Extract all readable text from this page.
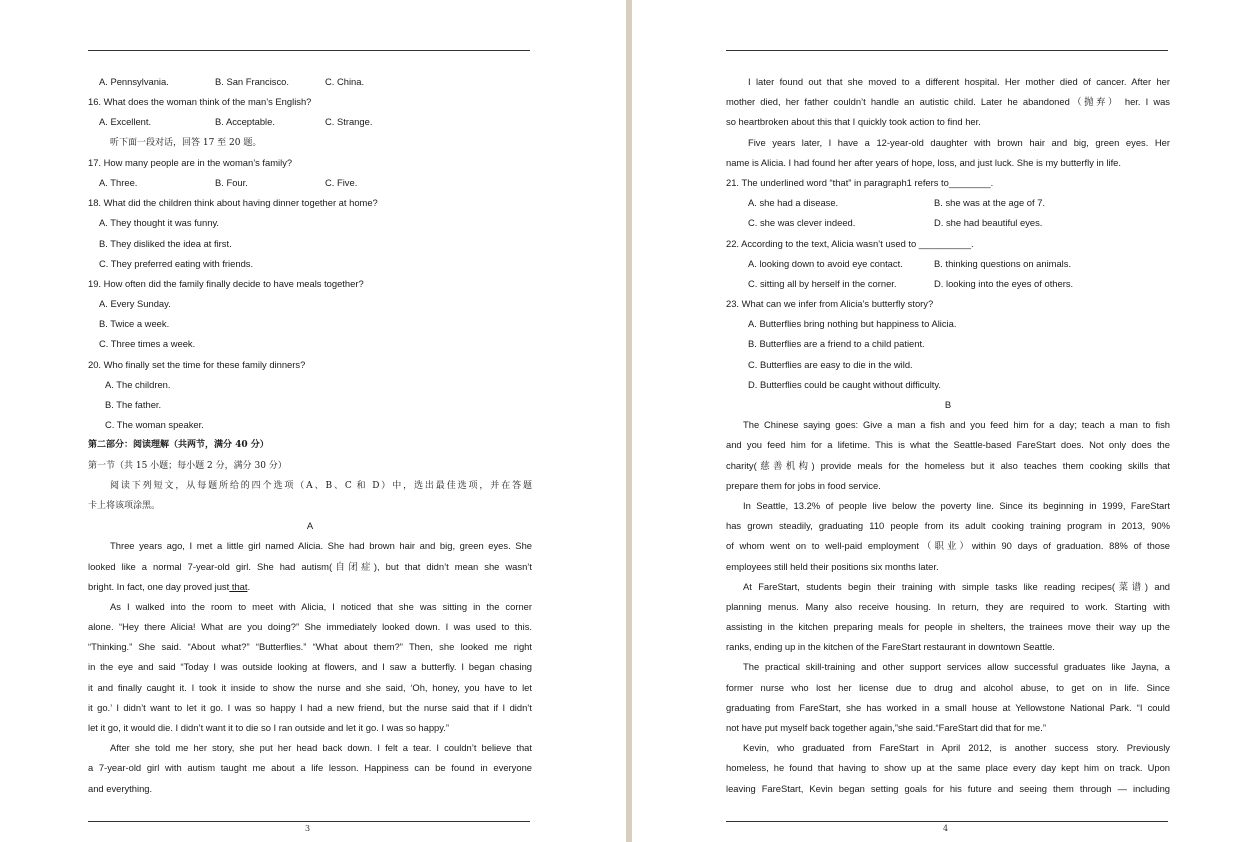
A. Pennsylvania.	B. San Francisco.	C. China.
16. What does the woman think of the man’s English?
A. Excellent.	B. Acceptable.	C. Strange.
听下面一段对话，回答 17 至 20 题。
17. How many people are in the woman’s family?
A. Three.	B. Four.	C. Five.
18. What did the children think about having dinner together at home?
A. They thought it was funny.
B. They disliked the idea at first.
C. They preferred eating with friends.
19. How often did the family finally decide to have meals together?
A. Every Sunday.
B. Twice a week.
C. Three times a week.
20. Who finally set the time for these family dinners?
A. The children.
B. The father.
C. The woman speaker.
第二部分：阅读理解（共两节，满分 40 分）
第一节（共 15 小题；每小题 2 分，满分 30 分）
阅读下列短文，从每题所给的四个选项（A、B、C 和 D）中，选出最佳选项，并在答题
卡上将该项涂黑。
A
Three years ago, I met a little girl named Alicia. She had brown hair and big, green eyes. She
looked like a normal 7-year-old girl. She had autism(自闭症), but that didn’t mean she wasn’t
bright. In fact, one day proved just that.
As I walked into the room to meet with Alicia, I noticed that she was sitting in the corner
alone. “Hey there Alicia! What are you doing?” She immediately looked down. I was used to this.
“Thinking.” She said. “About what?” “Butterflies.” “What about them?” Then, she looked me right
in the eye and said “Today I was outside looking at flowers, and I saw a butterfly. I began chasing
it and finally caught it. I took it inside to show the nurse and she said, ‘Oh, honey, you have to let
it go.’ I didn’t want to let it go. I was so happy I had a new friend, but the nurse said that if I didn’t
let it go, it would die. I didn’t want it to die so I ran outside and let it go. I was so happy.”
After she told me her story, she put her head back down. I felt a tear. I couldn’t believe that
a 7-year-old girl with autism taught me about a life lesson. Happiness can be found in everyone
and everything.
3
I later found out that she moved to a different hospital. Her mother died of cancer. After her
mother died, her father couldn’t handle an autistic child. Later he abandoned（抛弃） her. I was
so heartbroken about this that I quickly took action to find her.
Five years later, I have a 12-year-old daughter with brown hair and big, green eyes. Her
name is Alicia. I had found her after years of hope, loss, and just luck. She is my butterfly in life.
21. The underlined word “that” in paragraph1 refers to________.
A. she had a disease.	B. she was at the age of 7.
C. she was clever indeed.	D. she had beautiful eyes.
22. According to the text, Alicia wasn’t used to __________.
A. looking down to avoid eye contact.	B. thinking questions on animals.
C. sitting all by herself in the corner.	D. looking into the eyes of others.
23. What can we infer from Alicia’s butterfly story?
A. Butterflies bring nothing but happiness to Alicia.
B. Butterflies are a friend to a child patient.
C. Butterflies are easy to die in the wild.
D. Butterflies could be caught without difficulty.
B
The Chinese saying goes: Give a man a fish and you feed him for a day; teach a man to fish
and you feed him for a lifetime. This is what the Seattle-based FareStart does. Not only does the
charity(慈善机构) provide meals for the homeless but it also teaches them cooking skills that
prepare them for jobs in food service.
In Seattle, 13.2% of people live below the poverty line. Since its beginning in 1999, FareStart
has grown steadily, graduating 110 people from its adult cooking training program in 2013, 90%
of whom went on to well-paid employment（职业）within 90 days of graduation. 88% of those
employees still held their positions six months later.
At FareStart, students begin their training with simple tasks like reading recipes(菜谱) and
planning menus. Many also receive housing. In return, they are required to work. Starting with
assisting in the kitchen preparing meals for people in shelters, the trainees move their way up the
ranks, ending up in the kitchen of the FareStart restaurant in downtown Seattle.
The practical skill-training and other support services allow successful graduates like Jayna, a
former nurse who lost her license due to drug and alcohol abuse, to get on in life. Since
graduating from FareStart, she has worked in a small house at Yellowstone National Park. “I could
not have put myself back together again,”she said.“FareStart did that for me.”
Kevin, who graduated from FareStart in April 2012, is another success story. Previously
homeless, he found that having to show up at the same place every day kept him on track. Upon
leaving FareStart, Kevin began setting goals for his future and seeing them through — including
4
